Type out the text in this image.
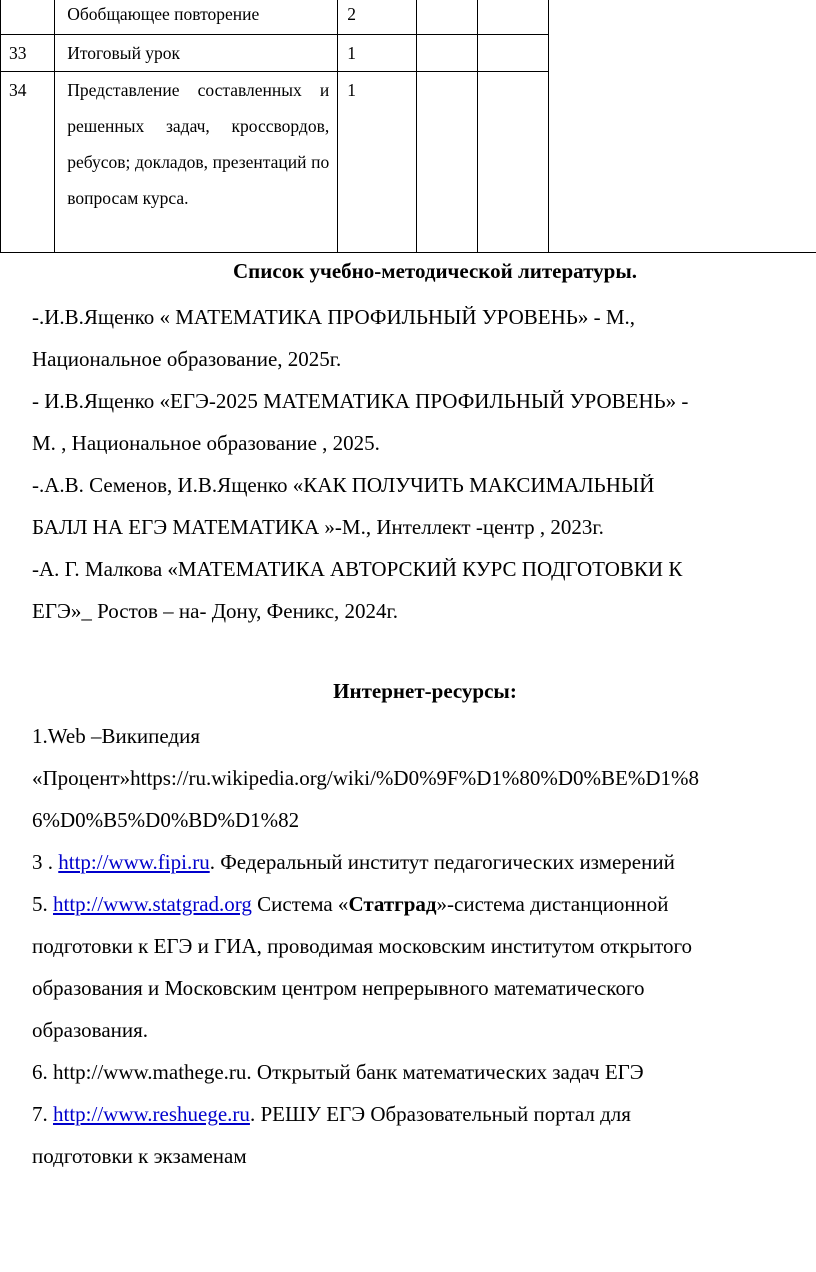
	Обобщающее повторение	2			
33	Итоговый урок	1			
34	Представление составленных и решенных задач, кроссвордов, ребусов; докладов, презентаций по вопросам курса.	1			
Список учебно-методической литературы.
-.И.В.Ященко « МАТЕМАТИКА ПРОФИЛЬНЫЙ УРОВЕНЬ» - М.,
Национальное образование, 2025г.
- И.В.Ященко «ЕГЭ-2025 МАТЕМАТИКА ПРОФИЛЬНЫЙ УРОВЕНЬ» -
М. , Национальное образование , 2025.
-.А.В. Семенов, И.В.Ященко «КАК ПОЛУЧИТЬ МАКСИМАЛЬНЫЙ
БАЛЛ НА ЕГЭ МАТЕМАТИКА »-М., Интеллект -центр , 2023г.
-А. Г. Малкова «МАТЕМАТИКА АВТОРСКИЙ КУРС ПОДГОТОВКИ К
ЕГЭ»_ Ростов – на- Дону, Феникс, 2024г.
Интернет-ресурсы:
1.Web –Википедия
«Процент»https://ru.wikipedia.org/wiki/%D0%9F%D1%80%D0%BE%D1%8
6%D0%B5%D0%BD%D1%82
3 . http://www.fipi.ru. Федеральный институт педагогических измерений
5. http://www.statgrad.org Система «Статград»-система дистанционной
подготовки к ЕГЭ и ГИА, проводимая московским институтом открытого
образования и Московским центром непрерывного математического
образования.
6. http://www.mathege.ru. Открытый банк математических задач ЕГЭ
7. http://www.reshuege.ru. РЕШУ ЕГЭ Образовательный портал для
подготовки к экзаменам
